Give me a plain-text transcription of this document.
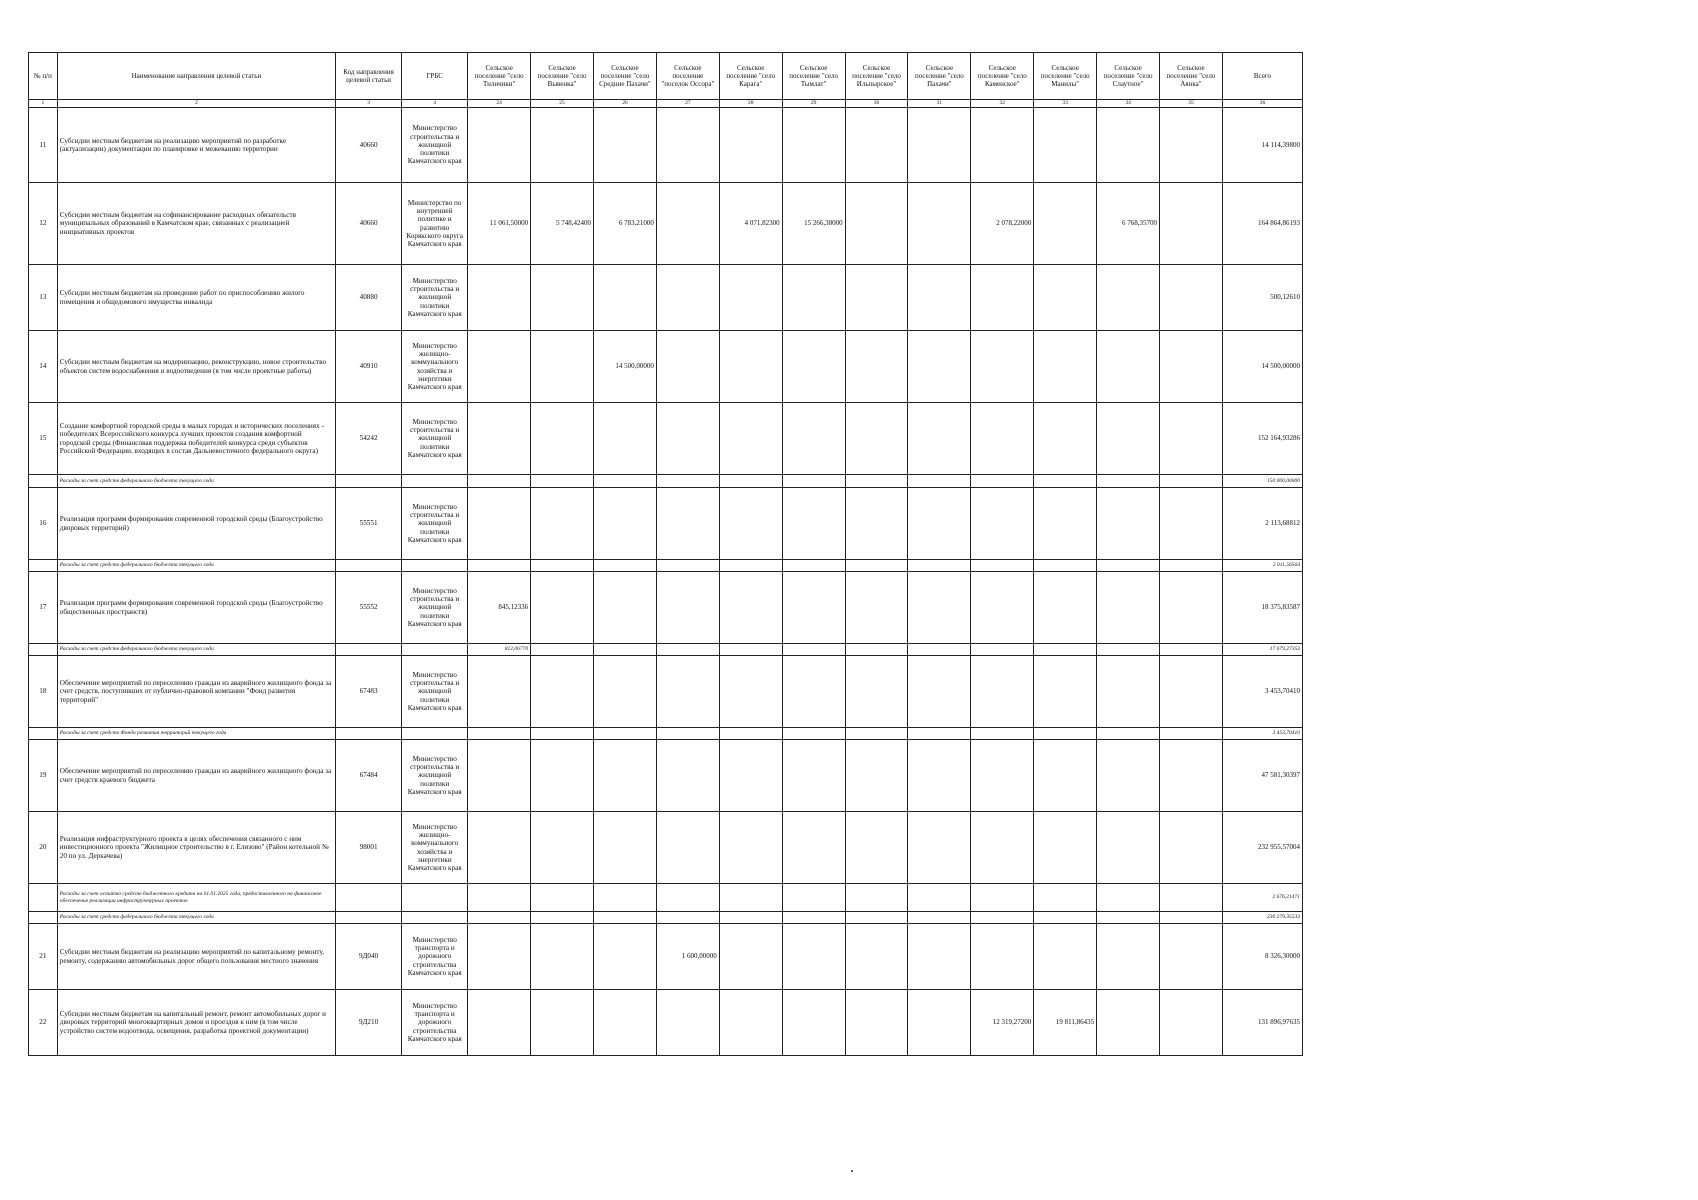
№ п/п	Наименование направления целевой статьи	Код направления целевой статьи	ГРБС	Сельское поселение "село Тиличики"	Сельское поселение "село Вывенка"	Сельское поселение "село Средние Пахачи"	Сельское поселение "поселок Оссора"	Сельское поселение "село Карага"	Сельское поселение "село Тымлат"	Сельское поселение "село Ильпырское"	Сельское поселение "село Пахачи"	Сельское поселение "село Каменское"	Сельское поселение "село Манилы"	Сельское поселение "село Слаутное"	Сельское поселение "село Аянка"	Всего
1	2	3	4	24	25	26	27	28	29	30	31	32	33	34	35	36
11	Субсидии местным бюджетам на реализацию мероприятий по разработке (актуализации) документации по планировке и межеванию территории	40660	Министерство строительства и жилищной политики Камчатского края													14 114,39800
12	Субсидии местным бюджетам на софинансирование расходных обязательств муниципальных образований в Камчатском крае, связанных с реализацией инициативных проектов	40660	Министерство по внутренней политике и развитию Корякского округа Камчатского края	11 061,50000	5 748,42400	6 783,21000		4 071,82300	15 266,38000			2 078,22000		6 768,35700		164 864,86193
13	Субсидии местным бюджетам на проведение работ по приспособлению жилого помещения и общедомового имущества инвалида	40880	Министерство строительства и жилищной политики Камчатского края													500,12610
14	Субсидии местным бюджетам на модернизацию, реконструкцию, новое строительство объектов систем водоснабжения и водоотведения (в том числе проектные работы)	40910	Министерство жилищно-коммунального хозяйства и энергетики Камчатского края			14 500,00000										14 500,00000
15	Создание комфортной городской среды в малых городах и исторических поселениях - победителях Всероссийского конкурса лучших проектов создания комфортной городской среды (Финансовая поддержка победителей конкурса среди субъектов Российской Федерации, входящих в состав Дальневосточного федерального округа)	54242	Министерство строительства и жилищной политики Камчатского края													152 164,93286
	Расходы за счет средств федерального бюджета текущего года															150 000,00000
16	Реализация программ формирования современной городской среды (Благоустройство дворовых территорий)	55551	Министерство строительства и жилищной политики Камчатского края													2 113,68812
	Расходы за счет средств федерального бюджета текущего года															2 011,56564
17	Реализация программ формирования современной городской среды (Благоустройство общественных пространств)	55552	Министерство строительства и жилищной политики Камчатского края	845,12336												18 375,83587
	Расходы за счет средств федерального бюджета текущего года			812,06770												17 679,27353
18	Обеспечение мероприятий по переселению граждан из аварийного жилищного фонда за счет средств, поступивших от публично-правовой компании "Фонд развития территорий"	67483	Министерство строительства и жилищной политики Камчатского края													3 453,70410
	Расходы за счет средств Фонда развития территорий текущего года															3 453,70410
19	Обеспечение мероприятий по переселению граждан из аварийного жилищного фонда за счет средств краевого бюджета	67484	Министерство строительства и жилищной политики Камчатского края													47 581,30397
20	Реализация инфраструктурного проекта в целях обеспечения связанного с ним инвестиционного проекта "Жилищное строительство в г. Елизово" (Район котельной № 20 по ул. Деркачева)	98001	Министерство жилищно-коммунального хозяйства и энергетики Камчатского края													232 955,57004
	Расходы за счет остатка средств бюджетного кредита на 01.01.2025 года, предоставленного на финансовое обеспечение реализации инфраструктурных проектов															2 676,21471
	Расходы за счет средств федерального бюджета текущего года															230 279,35533
21	Субсидии местным бюджетам на реализацию мероприятий по капитальному ремонту, ремонту, содержанию автомобильных дорог общего пользования местного значения	9Д040	Министерство транспорта и дорожного строительства Камчатского края				1 600,00000									8 326,30000
22	Субсидии местным бюджетам на капитальный ремонт, ремонт автомобильных дорог и дворовых территорий многоквартирных домов и проездов к ним (в том числе устройство систем водоотвода, освещения, разработка проектной документации)	9Д210	Министерство транспорта и дорожного строительства Камчатского края									12 319,27200	19 811,86435			131 896,97635
